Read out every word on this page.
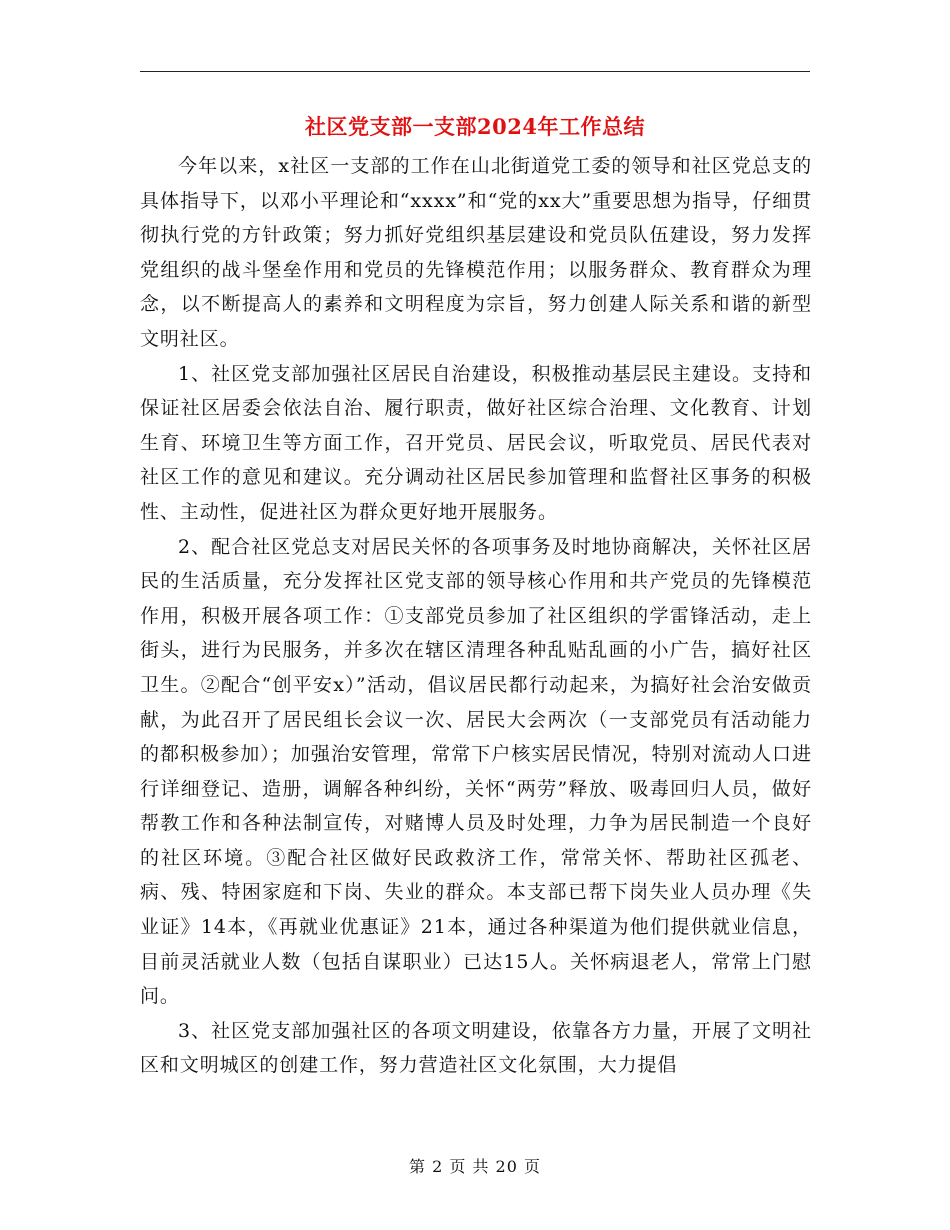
社区党支部一支部2024年工作总结

今年以来，x社区一支部的工作在山北街道党工委的领导和社区党总支的具体指导下，以邓小平理论和“xxxx”和“党的xx大”重要思想为指导，仔细贯彻执行党的方针政策；努力抓好党组织基层建设和党员队伍建设，努力发挥党组织的战斗堡垒作用和党员的先锋模范作用；以服务群众、教育群众为理念，以不断提高人的素养和文明程度为宗旨，努力创建人际关系和谐的新型文明社区。

1、社区党支部加强社区居民自治建设，积极推动基层民主建设。支持和保证社区居委会依法自治、履行职责，做好社区综合治理、文化教育、计划生育、环境卫生等方面工作，召开党员、居民会议，听取党员、居民代表对社区工作的意见和建议。充分调动社区居民参加管理和监督社区事务的积极性、主动性，促进社区为群众更好地开展服务。

2、配合社区党总支对居民关怀的各项事务及时地协商解决，关怀社区居民的生活质量，充分发挥社区党支部的领导核心作用和共产党员的先锋模范作用，积极开展各项工作：①支部党员参加了社区组织的学雷锋活动，走上街头，进行为民服务，并多次在辖区清理各种乱贴乱画的小广告，搞好社区卫生。②配合“创平安x）”活动，倡议居民都行动起来，为搞好社会治安做贡献，为此召开了居民组长会议一次、居民大会两次（一支部党员有活动能力的都积极参加）；加强治安管理，常常下户核实居民情况，特别对流动人口进行详细登记、造册，调解各种纠纷，关怀“两劳”释放、吸毒回归人员，做好帮教工作和各种法制宣传，对赌博人员及时处理，力争为居民制造一个良好的社区环境。③配合社区做好民政救济工作，常常关怀、帮助社区孤老、病、残、特困家庭和下岗、失业的群众。本支部已帮下岗失业人员办理《失业证》14本，《再就业优惠证》21本，通过各种渠道为他们提供就业信息，目前灵活就业人数（包括自谋职业）已达15人。关怀病退老人，常常上门慰问。

3、社区党支部加强社区的各项文明建设，依靠各方力量，开展了文明社区和文明城区的创建工作，努力营造社区文化氛围，大力提倡

第 2 页 共 20 页
